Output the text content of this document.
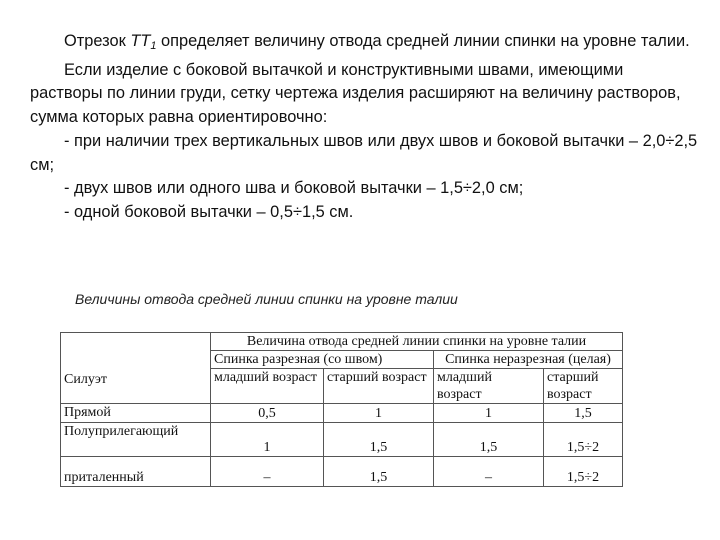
Отрезок $ТТ_1$ определяет величину отвода средней линии спинки на уровне талии.

Если изделие с боковой вытачкой и конструктивными швами, имеющими растворы по линии груди, сетку чертежа изделия расширяют на величину растворов, сумма которых равна ориентировочно:

- при наличии трех вертикальных швов или двух швов и боковой вытачки – 2,0÷2,5 см;

- двух швов или одного шва и боковой вытачки – 1,5÷2,0 см;

- одной боковой вытачки – 0,5÷1,5 см.

Величины отвода средней линии спинки на уровне талии
Силуэт	Величина отвода средней линии спинки на уровне талии			
	Спинка разрезная (со швом)		Спинка неразрезная (целая)	
	младший возраст	старший возраст	младший возраст	старший возраст
Прямой	0,5	1	1	1,5
Полуприлегающий	1	1,5	1,5	1,5÷2
приталенный	–	1,5	–	1,5÷2
